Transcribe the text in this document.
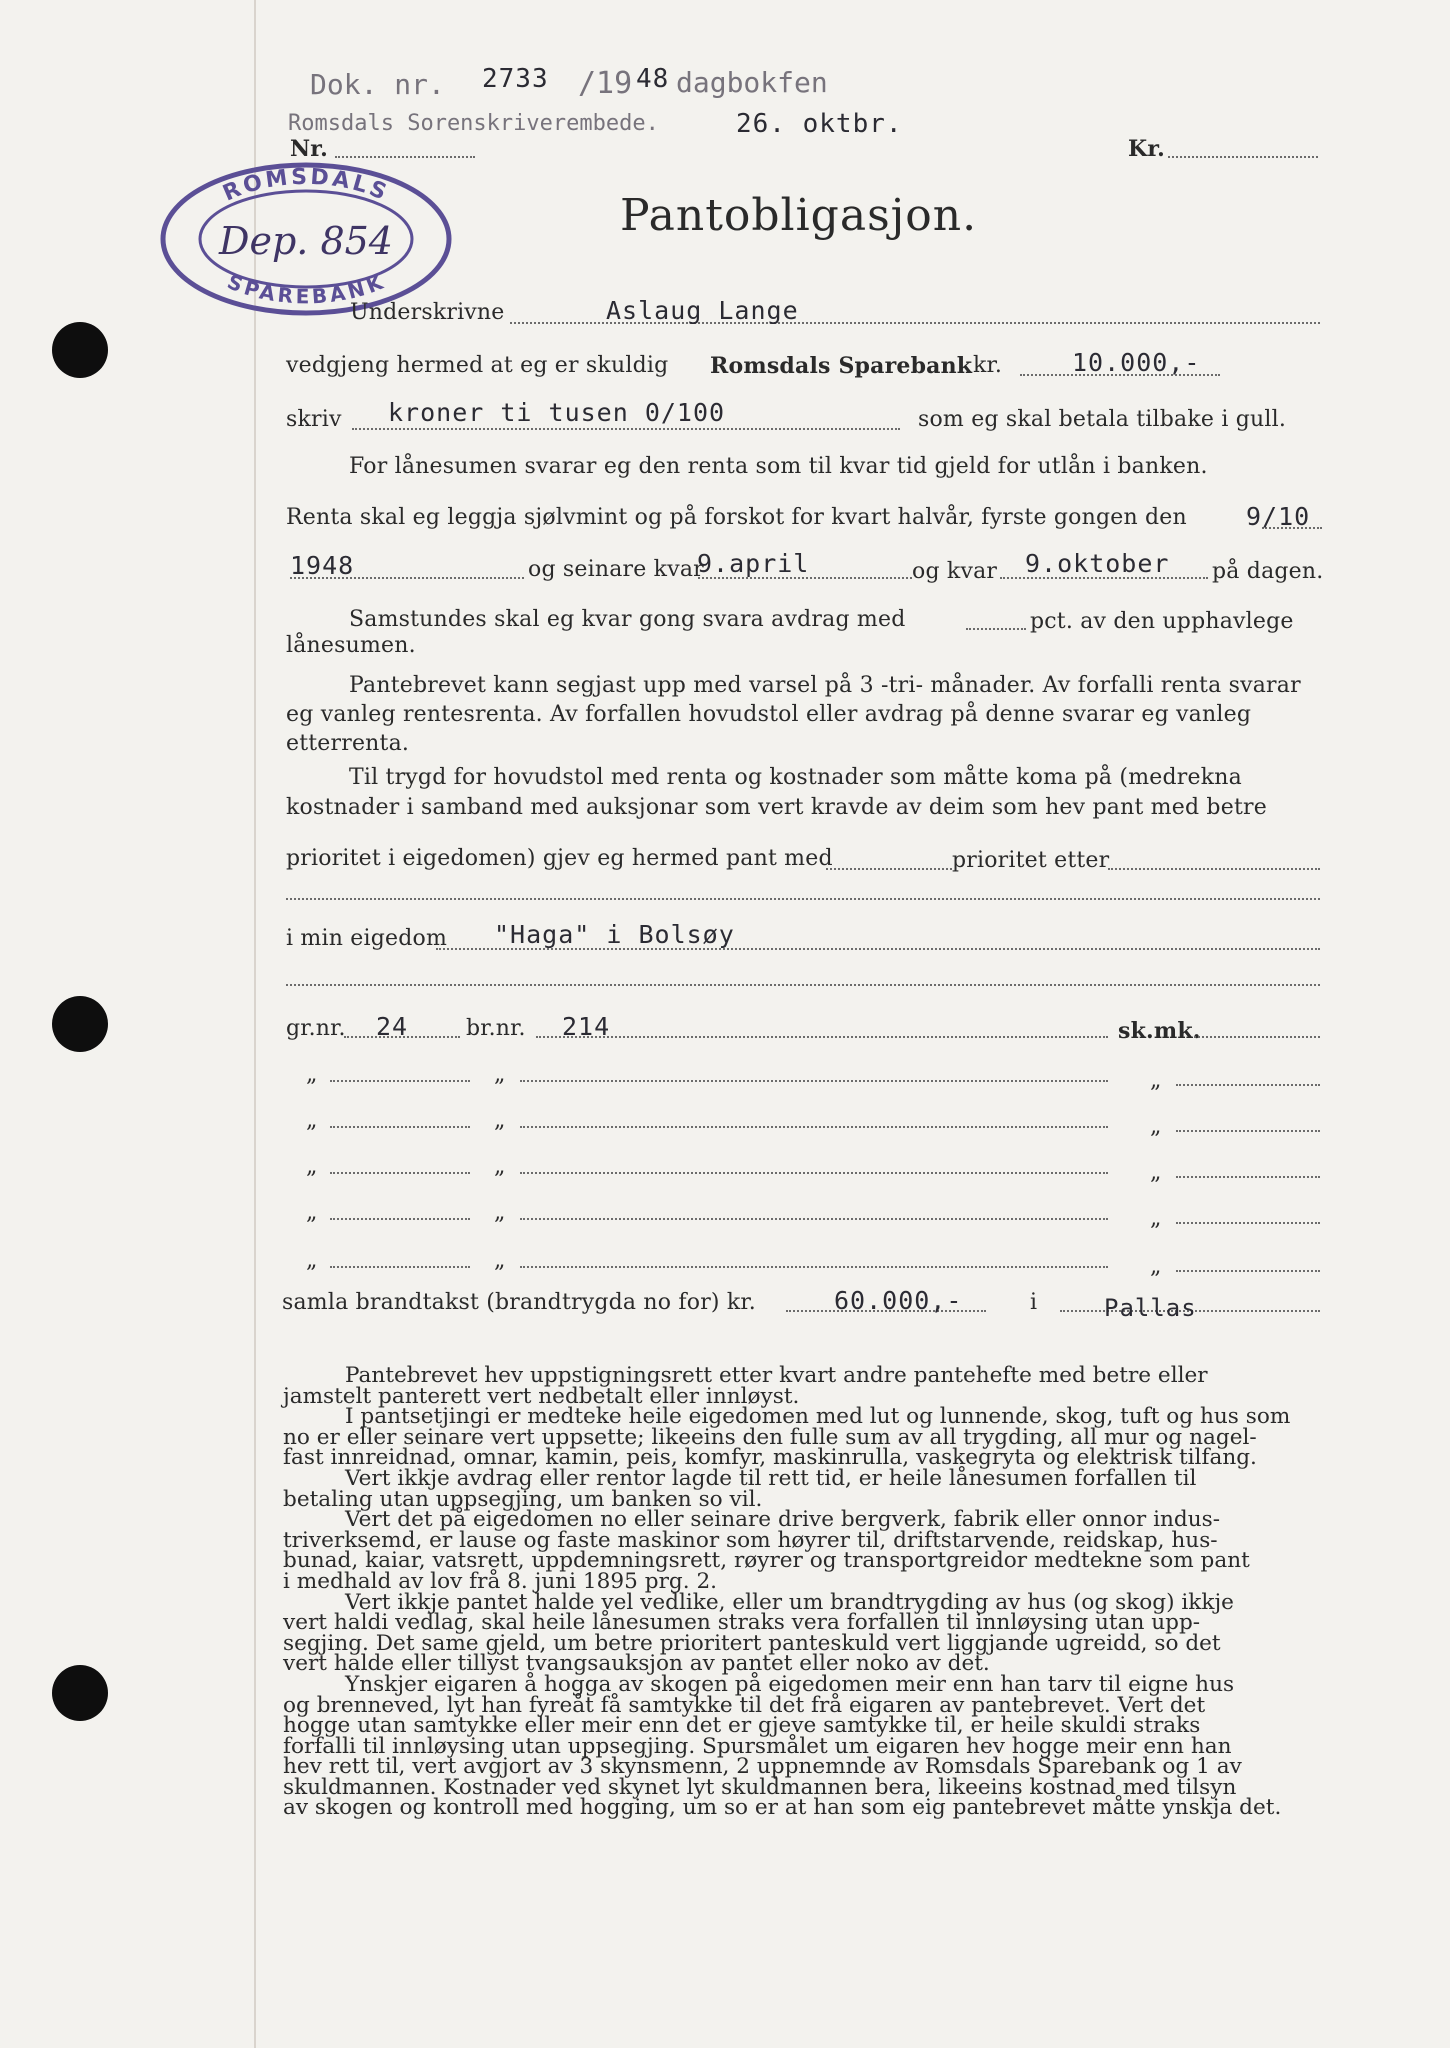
Dok. nr. 2733 /19 48 dagbokfen
Romsdals Sorenskriverembede.	26. oktbr.
Nr.	Kr.
ROMSDALS
SPAREBANK
Dep. 854	Pantobligasjon.
Underskrivne	Aslaug Lange
vedgjeng hermed at eg er skuldig Romsdals Sparebank kr.	10.000,-
skriv kroner ti tusen 0/100	som eg skal betala tilbake i gull.
For lånesumen svarar eg den renta som til kvar tid gjeld for utlån i banken.
Renta skal eg leggja sjølvmint og på forskot for kvart halvår, fyrste gongen den 9/10
1948	og seinare kvar
9.april	og kvar 9.oktober på dagen.
Samstundes skal eg kvar gong svara avdrag med	pct. av den upphavlege
lånesumen.
Pantebrevet kann segjast upp med varsel på 3 -tri- månader. Av forfalli renta svarar
eg vanleg rentesrenta. Av forfallen hovudstol eller avdrag på denne svarar eg vanleg
etterrenta.
Til trygd for hovudstol med renta og kostnader som måtte koma på (medrekna
kostnader i samband med auksjonar som vert kravde av deim som hev pant med betre
prioritet i eigedomen) gjev eg hermed pant med	prioritet etter
i min eigedom "Haga" i Bolsøy
gr.nr. 24	br.nr. 214	sk.mk.
„	„	„
„	„	„
„	„	„
„	„	„
„	„	„
samla brandtakst (brandtrygda no for) kr.	60.000,-	i	Pallas

Pantebrevet hev uppstigningsrett etter kvart andre pantehefte med betre eller
jamstelt panterett vert nedbetalt eller innløyst.

I pantsetjingi er medteke heile eigedomen med lut og lunnende, skog, tuft og hus som
no er eller seinare vert uppsette; likeeins den fulle sum av all trygding, all mur og nagel-
fast innreidnad, omnar, kamin, peis, komfyr, maskinrulla, vaskegryta og elektrisk tilfang.

Vert ikkje avdrag eller rentor lagde til rett tid, er heile lånesumen forfallen til
betaling utan uppsegjing, um banken so vil.

Vert det på eigedomen no eller seinare drive bergverk, fabrik eller onnor indus-
triverksemd, er lause og faste maskinor som høyrer til, driftstarvende, reidskap, hus-
bunad, kaiar, vatsrett, uppdemningsrett, røyrer og transportgreidor medtekne som pant
i medhald av lov frå 8. juni 1895 prg. 2.

Vert ikkje pantet halde vel vedlike, eller um brandtrygding av hus (og skog) ikkje
vert haldi vedlag, skal heile lånesumen straks vera forfallen til innløysing utan upp-
segjing. Det same gjeld, um betre prioritert panteskuld vert liggjande ugreidd, so det
vert halde eller tillyst tvangsauksjon av pantet eller noko av det.

Ynskjer eigaren å hogga av skogen på eigedomen meir enn han tarv til eigne hus
og brenneved, lyt han fyreåt få samtykke til det frå eigaren av pantebrevet. Vert det
hogge utan samtykke eller meir enn det er gjeve samtykke til, er heile skuldi straks
forfalli til innløysing utan uppsegjing. Spursmålet um eigaren hev hogge meir enn han
hev rett til, vert avgjort av 3 skynsmenn, 2 uppnemnde av Romsdals Sparebank og 1 av
skuldmannen. Kostnader ved skynet lyt skuldmannen bera, likeeins kostnad med tilsyn
av skogen og kontroll med hogging, um so er at han som eig pantebrevet måtte ynskja det.
